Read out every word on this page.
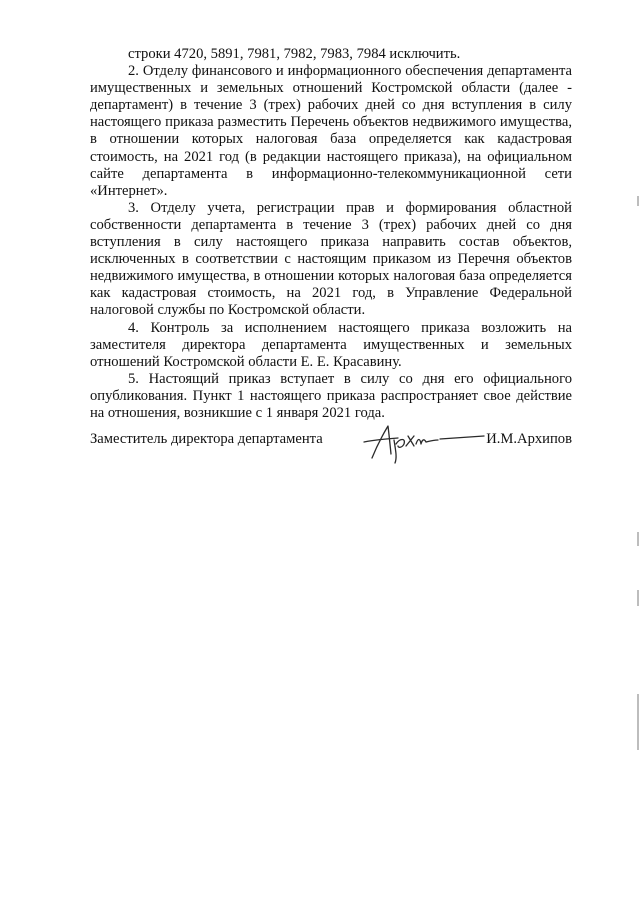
строки 4720, 5891, 7981, 7982, 7983, 7984 исключить.

2. Отделу финансового и информационного обеспечения департамента имущественных и земельных отношений Костромской области (далее - департамент) в течение 3 (трех) рабочих дней со дня вступления в силу настоящего приказа разместить Перечень объектов недвижимого имущества, в отношении которых налоговая база определяется как кадастровая стоимость, на 2021 год (в редакции настоящего приказа), на официальном сайте департамента в информационно-телекоммуникационной сети «Интернет».

3. Отделу учета, регистрации прав и формирования областной собственности департамента в течение 3 (трех) рабочих дней со дня вступления в силу настоящего приказа направить состав объектов, исключенных в соответствии с настоящим приказом из Перечня объектов недвижимого имущества, в отношении которых налоговая база определяется как кадастровая стоимость, на 2021 год, в Управление Федеральной налоговой службы по Костромской области.

4. Контроль за исполнением настоящего приказа возложить на заместителя директора департамента имущественных и земельных отношений Костромской области Е. Е. Красавину.

5. Настоящий приказ вступает в силу со дня его официального опубликования. Пункт 1 настоящего приказа распространяет свое действие на отношения, возникшие с 1 января 2021 года.

Заместитель директора департамента	И.М.Архипов
